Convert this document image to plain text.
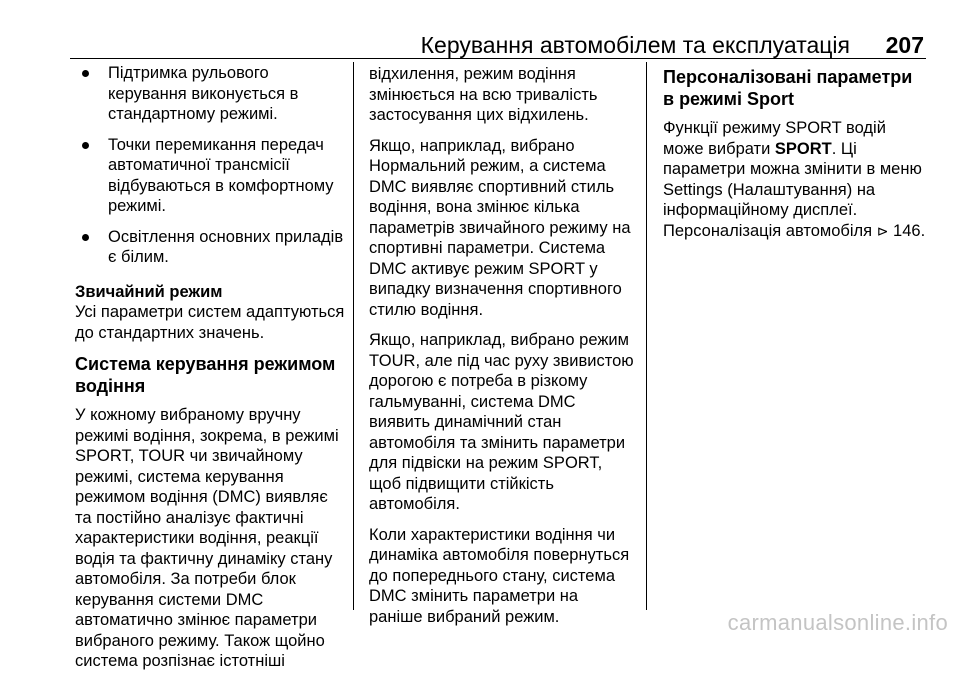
Керування автомобілем та експлуатація 207
Підтримка рульового керування виконується в стандартному режимі.
Точки перемикання передач автоматичної трансмісії відбуваються в комфортному режимі.
Освітлення основних приладів є білим.
Звичайний режим

Усі параметри систем адаптуються до стандартних значень.

Система керування режимом водіння

У кожному вибраному вручну режимі водіння, зокрема, в режимі SPORT, TOUR чи звичайному режимі, система керування режимом водіння (DMC) виявляє та постійно аналізує фактичні характеристики водіння, реакції водія та фактичну динаміку стану автомобіля. За потреби блок керування системи DMC автоматично змінює параметри вибраного режиму. Також щойно система розпізнає істотніші

відхилення, режим водіння змінюється на всю тривалість застосування цих відхилень.

Якщо, наприклад, вибрано Нормальний режим, а система DMC виявляє спортивний стиль водіння, вона змінює кілька параметрів звичайного режиму на спортивні параметри. Система DMC активує режим SPORT у випадку визначення спортивного стилю водіння.

Якщо, наприклад, вибрано режим TOUR, але під час руху звивистою дорогою є потреба в різкому гальмуванні, система DMC виявить динамічний стан автомобіля та змінить параметри для підвіски на режим SPORT, щоб підвищити стійкість автомобіля.

Коли характеристики водіння чи динаміка автомобіля повернуться до попереднього стану, система DMC змінить параметри на раніше вибраний режим.

Персоналізовані параметри в режимі Sport

Функції режиму SPORT водій може вибрати SPORT. Ці параметри можна змінити в меню Settings (Налаштування) на інформаційному дисплеї. Персоналізація автомобіля ⊳ 146.

carmanualsonline.info
